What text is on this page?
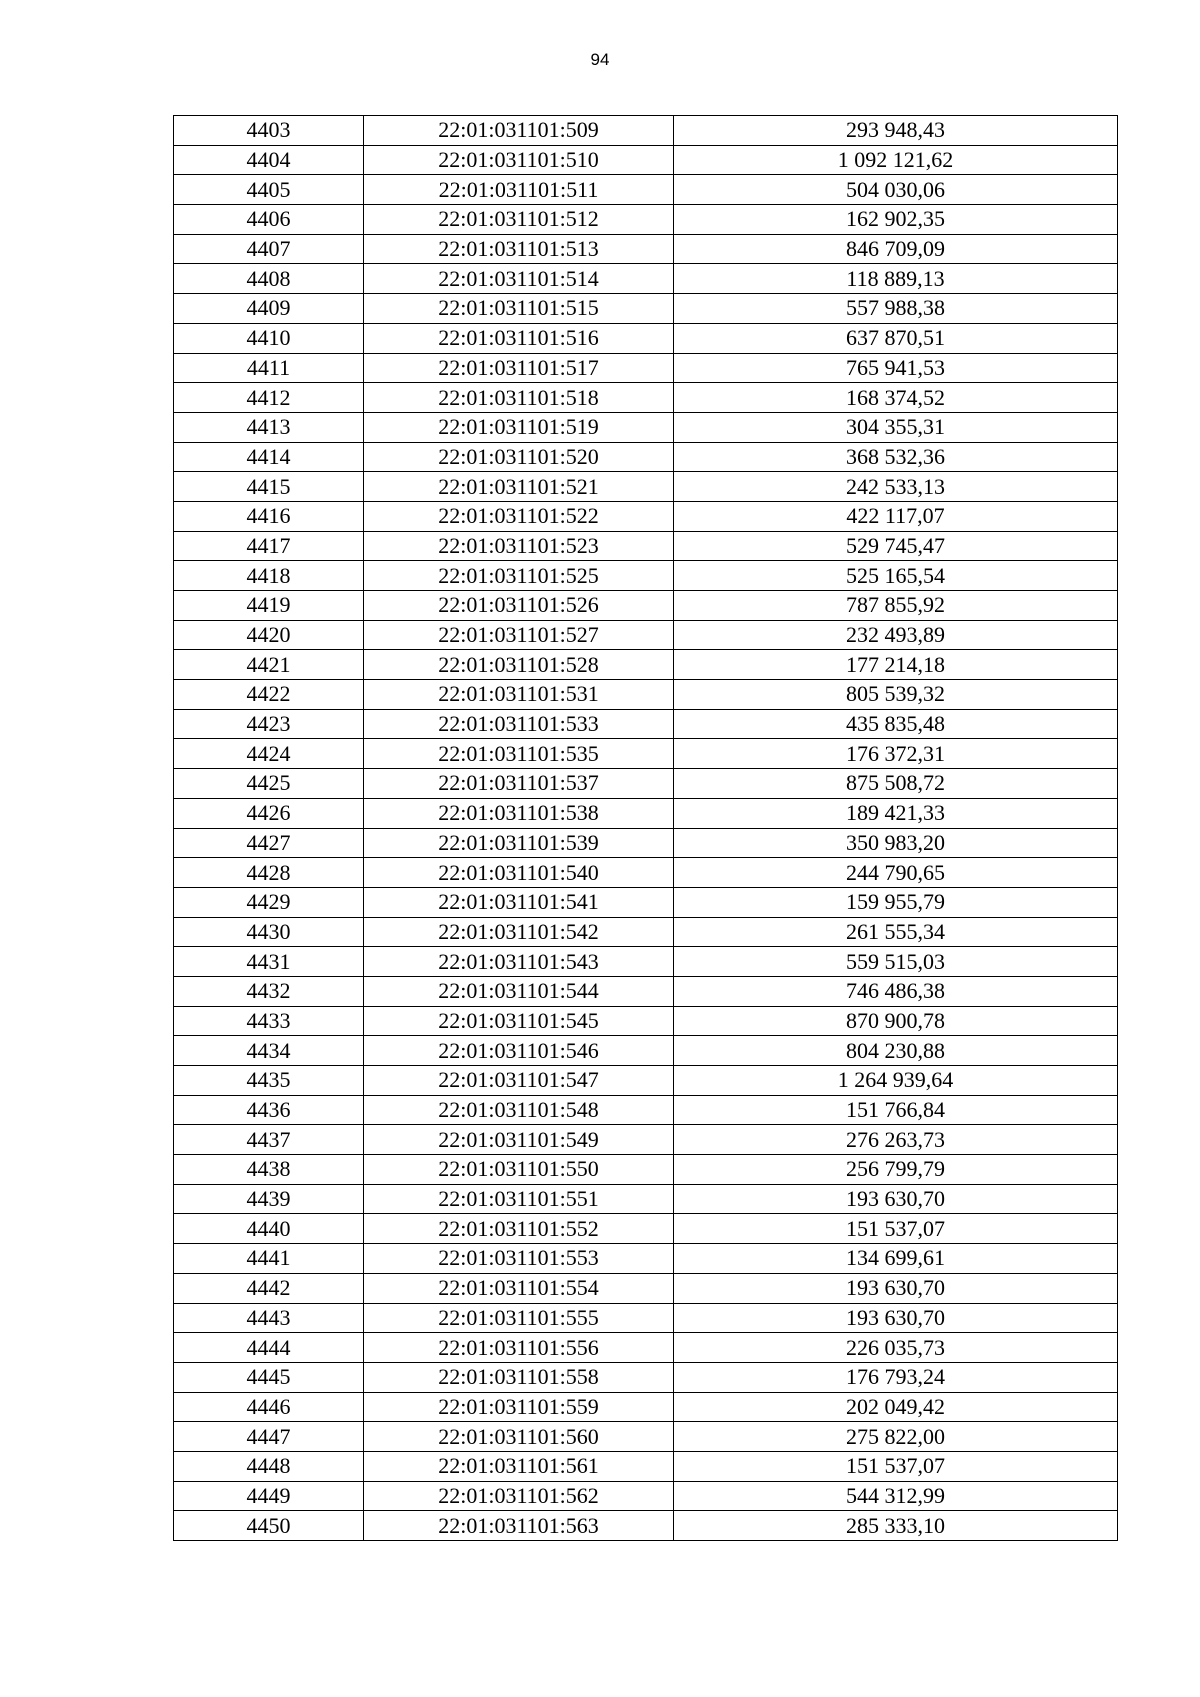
94
4403	22:01:031101:509	293 948,43
4404	22:01:031101:510	1 092 121,62
4405	22:01:031101:511	504 030,06
4406	22:01:031101:512	162 902,35
4407	22:01:031101:513	846 709,09
4408	22:01:031101:514	118 889,13
4409	22:01:031101:515	557 988,38
4410	22:01:031101:516	637 870,51
4411	22:01:031101:517	765 941,53
4412	22:01:031101:518	168 374,52
4413	22:01:031101:519	304 355,31
4414	22:01:031101:520	368 532,36
4415	22:01:031101:521	242 533,13
4416	22:01:031101:522	422 117,07
4417	22:01:031101:523	529 745,47
4418	22:01:031101:525	525 165,54
4419	22:01:031101:526	787 855,92
4420	22:01:031101:527	232 493,89
4421	22:01:031101:528	177 214,18
4422	22:01:031101:531	805 539,32
4423	22:01:031101:533	435 835,48
4424	22:01:031101:535	176 372,31
4425	22:01:031101:537	875 508,72
4426	22:01:031101:538	189 421,33
4427	22:01:031101:539	350 983,20
4428	22:01:031101:540	244 790,65
4429	22:01:031101:541	159 955,79
4430	22:01:031101:542	261 555,34
4431	22:01:031101:543	559 515,03
4432	22:01:031101:544	746 486,38
4433	22:01:031101:545	870 900,78
4434	22:01:031101:546	804 230,88
4435	22:01:031101:547	1 264 939,64
4436	22:01:031101:548	151 766,84
4437	22:01:031101:549	276 263,73
4438	22:01:031101:550	256 799,79
4439	22:01:031101:551	193 630,70
4440	22:01:031101:552	151 537,07
4441	22:01:031101:553	134 699,61
4442	22:01:031101:554	193 630,70
4443	22:01:031101:555	193 630,70
4444	22:01:031101:556	226 035,73
4445	22:01:031101:558	176 793,24
4446	22:01:031101:559	202 049,42
4447	22:01:031101:560	275 822,00
4448	22:01:031101:561	151 537,07
4449	22:01:031101:562	544 312,99
4450	22:01:031101:563	285 333,10
